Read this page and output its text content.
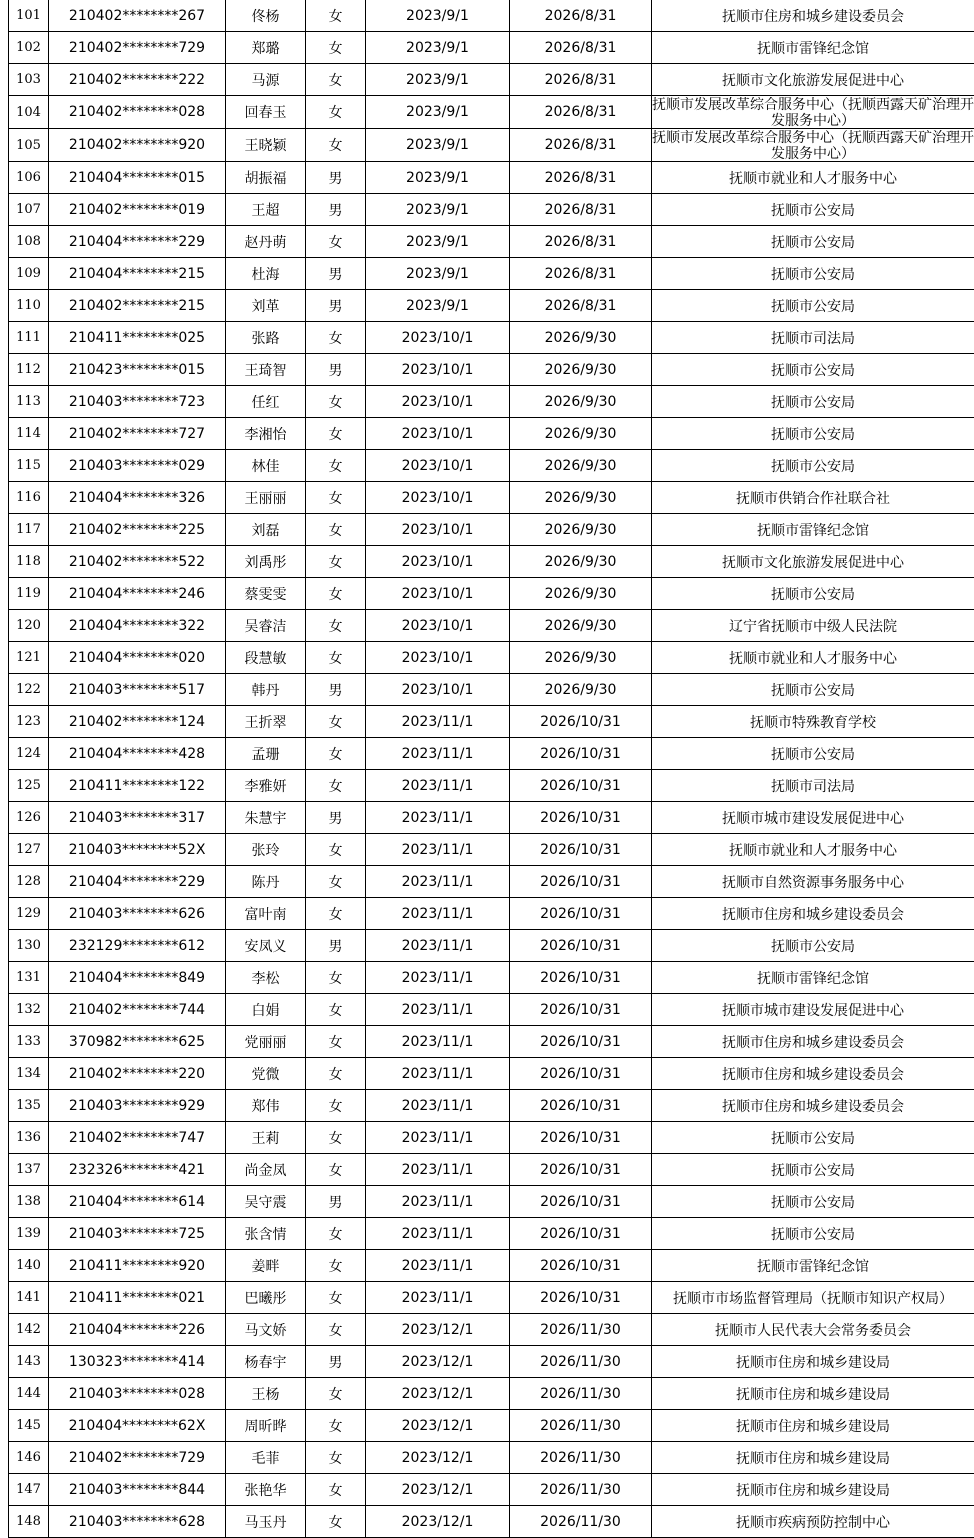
101	210402********267	佟杨	女	2023/9/1	2026/8/31	抚顺市住房和城乡建设委员会
102	210402********729	郑璐	女	2023/9/1	2026/8/31	抚顺市雷锋纪念馆
103	210402********222	马源	女	2023/9/1	2026/8/31	抚顺市文化旅游发展促进中心
104	210402********028	回春玉	女	2023/9/1	2026/8/31	抚顺市发展改革综合服务中心（抚顺西露天矿治理开发服务中心）

105	210402********920	王晓颖	女	2023/9/1	2026/8/31	抚顺市发展改革综合服务中心（抚顺西露天矿治理开发服务中心）

106	210404********015	胡振福	男	2023/9/1	2026/8/31	抚顺市就业和人才服务中心
107	210402********019	王超	男	2023/9/1	2026/8/31	抚顺市公安局
108	210404********229	赵丹萌	女	2023/9/1	2026/8/31	抚顺市公安局
109	210404********215	杜海	男	2023/9/1	2026/8/31	抚顺市公安局
110	210402********215	刘革	男	2023/9/1	2026/8/31	抚顺市公安局
111	210411********025	张路	女	2023/10/1	2026/9/30	抚顺市司法局
112	210423********015	王琦智	男	2023/10/1	2026/9/30	抚顺市公安局
113	210403********723	任红	女	2023/10/1	2026/9/30	抚顺市公安局
114	210402********727	李湘怡	女	2023/10/1	2026/9/30	抚顺市公安局
115	210403********029	林佳	女	2023/10/1	2026/9/30	抚顺市公安局
116	210404********326	王丽丽	女	2023/10/1	2026/9/30	抚顺市供销合作社联合社
117	210402********225	刘磊	女	2023/10/1	2026/9/30	抚顺市雷锋纪念馆
118	210402********522	刘禹彤	女	2023/10/1	2026/9/30	抚顺市文化旅游发展促进中心
119	210404********246	蔡雯雯	女	2023/10/1	2026/9/30	抚顺市公安局
120	210404********322	吴睿洁	女	2023/10/1	2026/9/30	辽宁省抚顺市中级人民法院
121	210404********020	段慧敏	女	2023/10/1	2026/9/30	抚顺市就业和人才服务中心
122	210403********517	韩丹	男	2023/10/1	2026/9/30	抚顺市公安局
123	210402********124	王折翠	女	2023/11/1	2026/10/31	抚顺市特殊教育学校
124	210404********428	孟珊	女	2023/11/1	2026/10/31	抚顺市公安局
125	210411********122	李雅妍	女	2023/11/1	2026/10/31	抚顺市司法局
126	210403********317	朱慧宇	男	2023/11/1	2026/10/31	抚顺市城市建设发展促进中心
127	210403********52X	张玲	女	2023/11/1	2026/10/31	抚顺市就业和人才服务中心
128	210404********229	陈丹	女	2023/11/1	2026/10/31	抚顺市自然资源事务服务中心
129	210403********626	富叶南	女	2023/11/1	2026/10/31	抚顺市住房和城乡建设委员会
130	232129********612	安凤义	男	2023/11/1	2026/10/31	抚顺市公安局
131	210404********849	李松	女	2023/11/1	2026/10/31	抚顺市雷锋纪念馆
132	210402********744	白娟	女	2023/11/1	2026/10/31	抚顺市城市建设发展促进中心
133	370982********625	党丽丽	女	2023/11/1	2026/10/31	抚顺市住房和城乡建设委员会
134	210402********220	党微	女	2023/11/1	2026/10/31	抚顺市住房和城乡建设委员会
135	210403********929	郑伟	女	2023/11/1	2026/10/31	抚顺市住房和城乡建设委员会
136	210402********747	王莉	女	2023/11/1	2026/10/31	抚顺市公安局
137	232326********421	尚金凤	女	2023/11/1	2026/10/31	抚顺市公安局
138	210404********614	吴守震	男	2023/11/1	2026/10/31	抚顺市公安局
139	210403********725	张含情	女	2023/11/1	2026/10/31	抚顺市公安局
140	210411********920	姜畔	女	2023/11/1	2026/10/31	抚顺市雷锋纪念馆
141	210411********021	巴曦彤	女	2023/11/1	2026/10/31	抚顺市市场监督管理局（抚顺市知识产权局）
142	210404********226	马文娇	女	2023/12/1	2026/11/30	抚顺市人民代表大会常务委员会
143	130323********414	杨春宇	男	2023/12/1	2026/11/30	抚顺市住房和城乡建设局
144	210403********028	王杨	女	2023/12/1	2026/11/30	抚顺市住房和城乡建设局
145	210404********62X	周昕晔	女	2023/12/1	2026/11/30	抚顺市住房和城乡建设局
146	210402********729	毛菲	女	2023/12/1	2026/11/30	抚顺市住房和城乡建设局
147	210403********844	张艳华	女	2023/12/1	2026/11/30	抚顺市住房和城乡建设局
148	210403********628	马玉丹	女	2023/12/1	2026/11/30	抚顺市疾病预防控制中心
